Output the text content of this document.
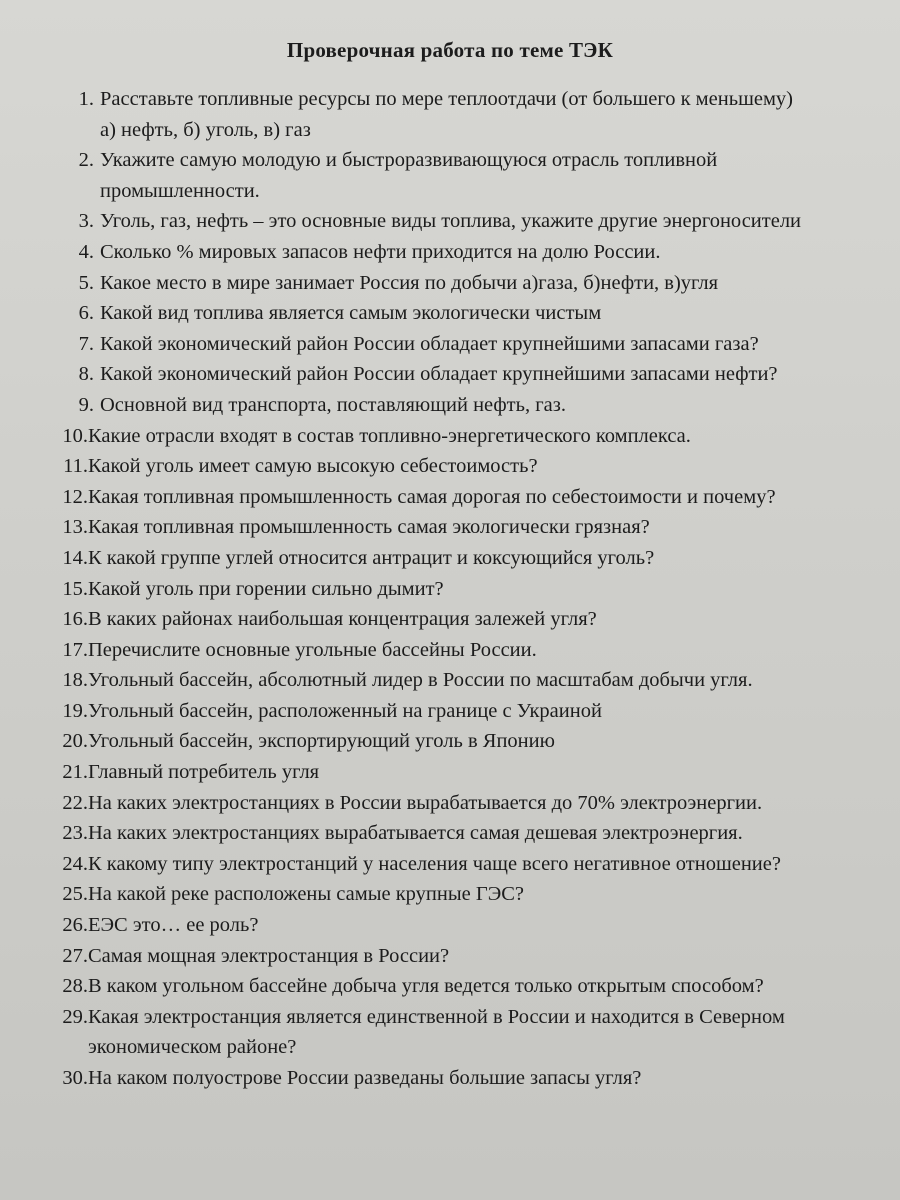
Проверочная работа по теме ТЭК
1. Расставьте топливные ресурсы по мере теплоотдачи (от большего к меньшему)
а) нефть, б) уголь, в) газ
2. Укажите самую молодую и быстроразвивающуюся отрасль топливной
промышленности.
3. Уголь, газ, нефть – это основные виды топлива, укажите другие энергоносители
4. Сколько % мировых запасов нефти приходится на долю России.
5. Какое место в мире занимает Россия по добычи а)газа, б)нефти, в)угля
6. Какой вид топлива является самым экологически чистым
7. Какой экономический район России обладает крупнейшими запасами газа?
8. Какой экономический район России обладает крупнейшими запасами нефти?
9. Основной вид транспорта, поставляющий нефть, газ.
10. Какие отрасли входят в состав топливно-энергетического комплекса.
11. Какой уголь имеет самую высокую себестоимость?
12. Какая топливная промышленность самая дорогая по себестоимости и почему?
13. Какая топливная промышленность самая экологически грязная?
14. К какой группе углей относится антрацит и коксующийся уголь?
15. Какой уголь при горении сильно дымит?
16. В каких районах наибольшая концентрация залежей угля?
17. Перечислите основные угольные бассейны России.
18. Угольный бассейн, абсолютный лидер в России по масштабам добычи угля.
19. Угольный бассейн, расположенный на границе с Украиной
20. Угольный бассейн, экспортирующий уголь в Японию
21. Главный потребитель угля
22. На каких электростанциях в России вырабатывается до 70% электроэнергии.
23. На каких электростанциях вырабатывается самая дешевая электроэнергия.
24. К какому типу электростанций у населения чаще всего негативное отношение?
25. На какой реке расположены самые крупные ГЭС?
26. ЕЭС это… ее роль?
27. Самая мощная электростанция в России?
28. В каком угольном бассейне добыча угля ведется только открытым способом?
29. Какая электростанция является единственной в России и находится в Северном
экономическом районе?
30. На каком полуострове России разведаны большие запасы угля?
